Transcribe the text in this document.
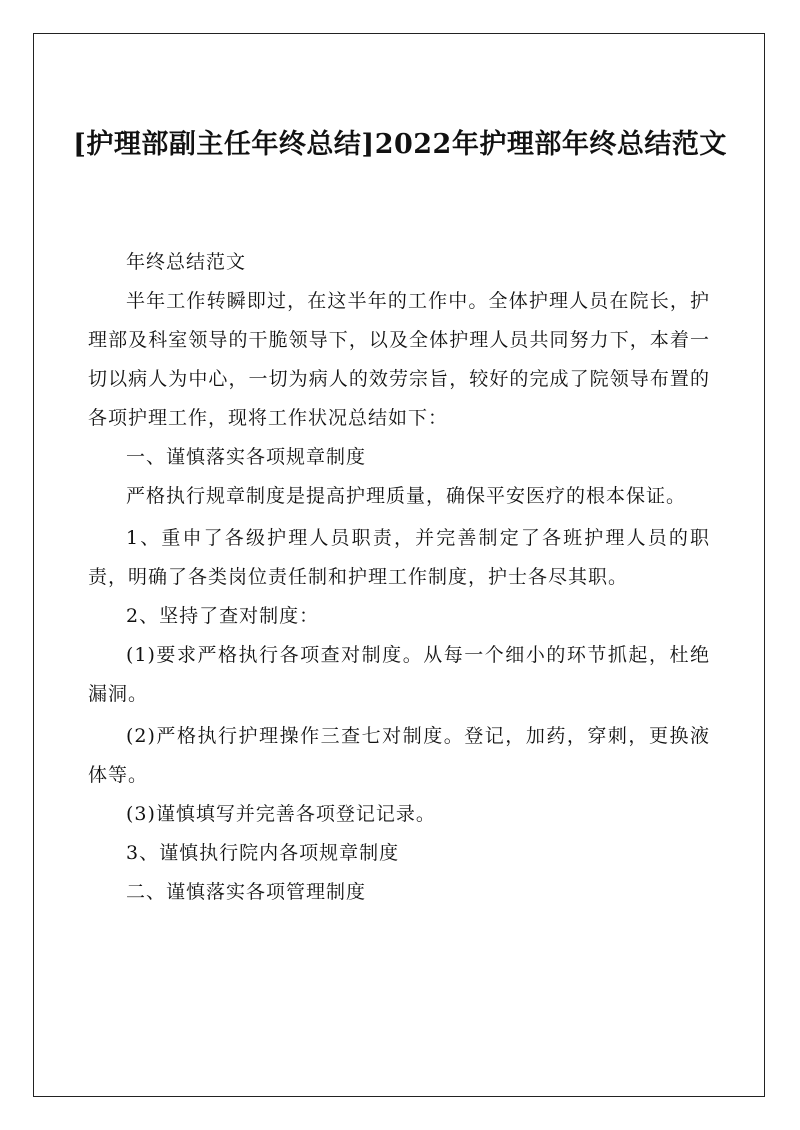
[护理部副主任年终总结]2022年护理部年终总结范文

年终总结范文

半年工作转瞬即过，在这半年的工作中。全体护理人员在院长，护理部及科室领导的干脆领导下，以及全体护理人员共同努力下，本着一切以病人为中心，一切为病人的效劳宗旨，较好的完成了院领导布置的各项护理工作，现将工作状况总结如下：

一、谨慎落实各项规章制度

严格执行规章制度是提高护理质量，确保平安医疗的根本保证。

1、重申了各级护理人员职责，并完善制定了各班护理人员的职责，明确了各类岗位责任制和护理工作制度，护士各尽其职。

2、坚持了查对制度：

(1)要求严格执行各项查对制度。从每一个细小的环节抓起，杜绝漏洞。

(2)严格执行护理操作三查七对制度。登记，加药，穿刺，更换液体等。

(3)谨慎填写并完善各项登记记录。

3、谨慎执行院内各项规章制度

二、谨慎落实各项管理制度
